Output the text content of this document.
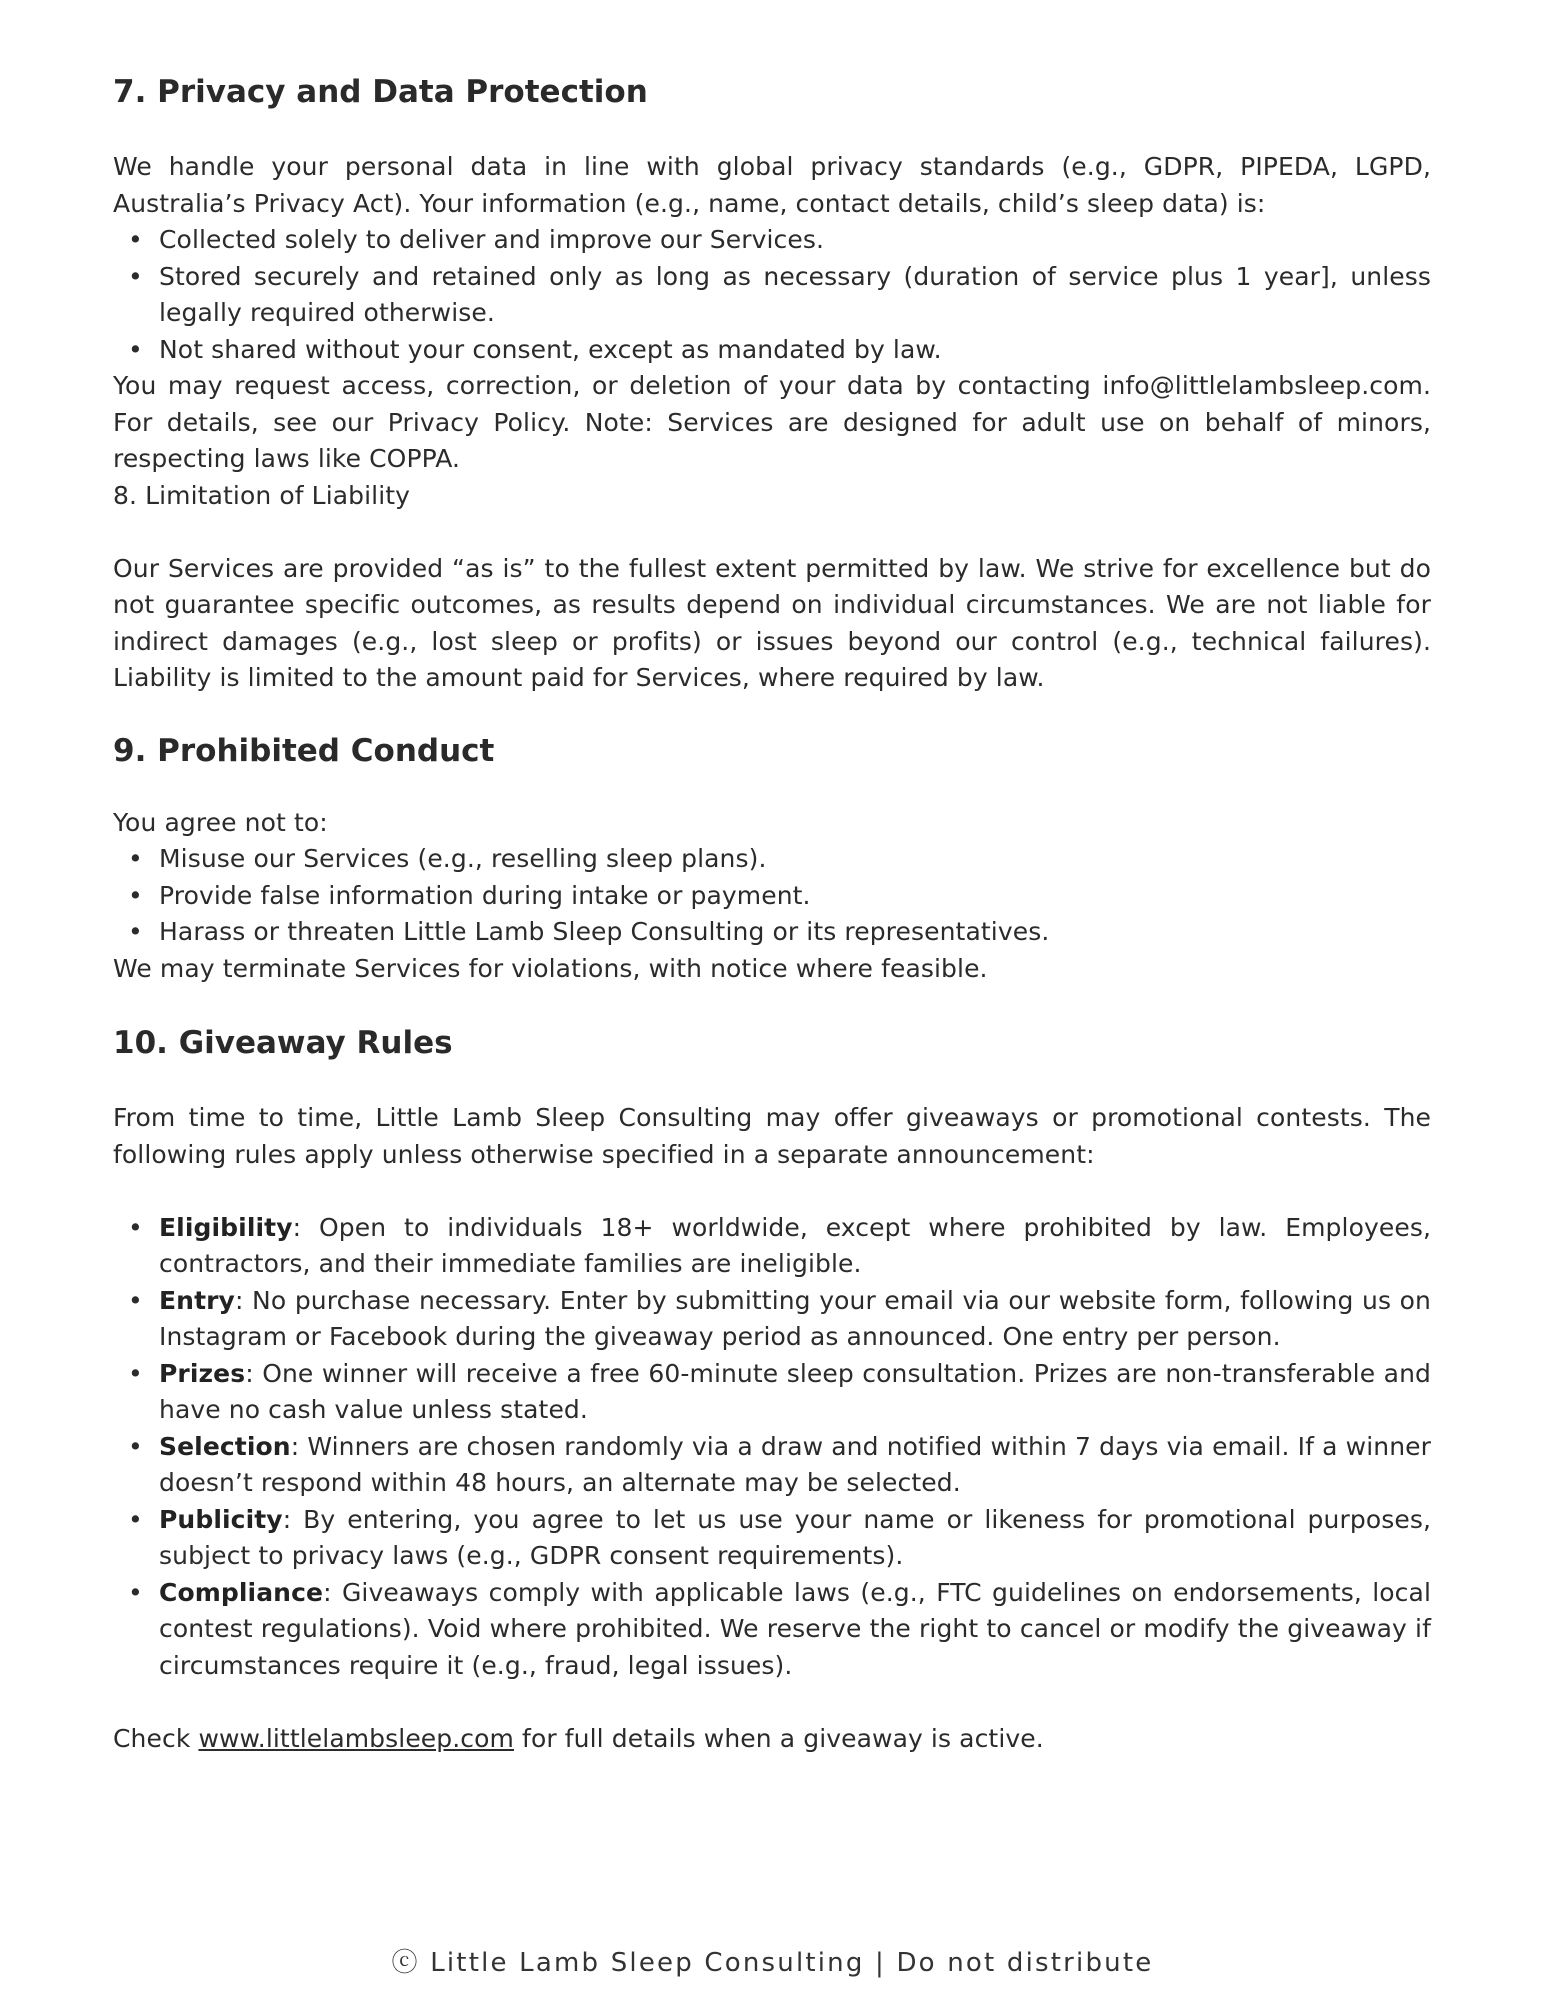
7. Privacy and Data Protection

We handle your personal data in line with global privacy standards (e.g., GDPR, PIPEDA, LGPD, Australia’s Privacy Act). Your information (e.g., name, contact details, child’s sleep data) is:

• Collected solely to deliver and improve our Services.
• Stored securely and retained only as long as necessary (duration of service plus 1 year], unless legally required otherwise.
• Not shared without your consent, except as mandated by law.

You may request access, correction, or deletion of your data by contacting info@littlelambsleep.com. For details, see our Privacy Policy. Note: Services are designed for adult use on behalf of minors, respecting laws like COPPA.

8. Limitation of Liability

Our Services are provided “as is” to the fullest extent permitted by law. We strive for excellence but do not guarantee specific outcomes, as results depend on individual circumstances. We are not liable for indirect damages (e.g., lost sleep or profits) or issues beyond our control (e.g., technical failures). Liability is limited to the amount paid for Services, where required by law.

9. Prohibited Conduct

You agree not to:

• Misuse our Services (e.g., reselling sleep plans).
• Provide false information during intake or payment.
• Harass or threaten Little Lamb Sleep Consulting or its representatives.

We may terminate Services for violations, with notice where feasible.

10. Giveaway Rules

From time to time, Little Lamb Sleep Consulting may offer giveaways or promotional contests. The following rules apply unless otherwise specified in a separate announcement:

• Eligibility: Open to individuals 18+ worldwide, except where prohibited by law. Employees, contractors, and their immediate families are ineligible.
• Entry: No purchase necessary. Enter by submitting your email via our website form, following us on Instagram or Facebook during the giveaway period as announced. One entry per person.
• Prizes: One winner will receive a free 60-minute sleep consultation. Prizes are non-transferable and have no cash value unless stated.
• Selection: Winners are chosen randomly via a draw and notified within 7 days via email. If a winner doesn’t respond within 48 hours, an alternate may be selected.
• Publicity: By entering, you agree to let us use your name or likeness for promotional purposes, subject to privacy laws (e.g., GDPR consent requirements).
• Compliance: Giveaways comply with applicable laws (e.g., FTC guidelines on endorsements, local contest regulations). Void where prohibited. We reserve the right to cancel or modify the giveaway if circumstances require it (e.g., fraud, legal issues).

Check www.littlelambsleep.com for full details when a giveaway is active.

ⓒ Little Lamb Sleep Consulting | Do not distribute
